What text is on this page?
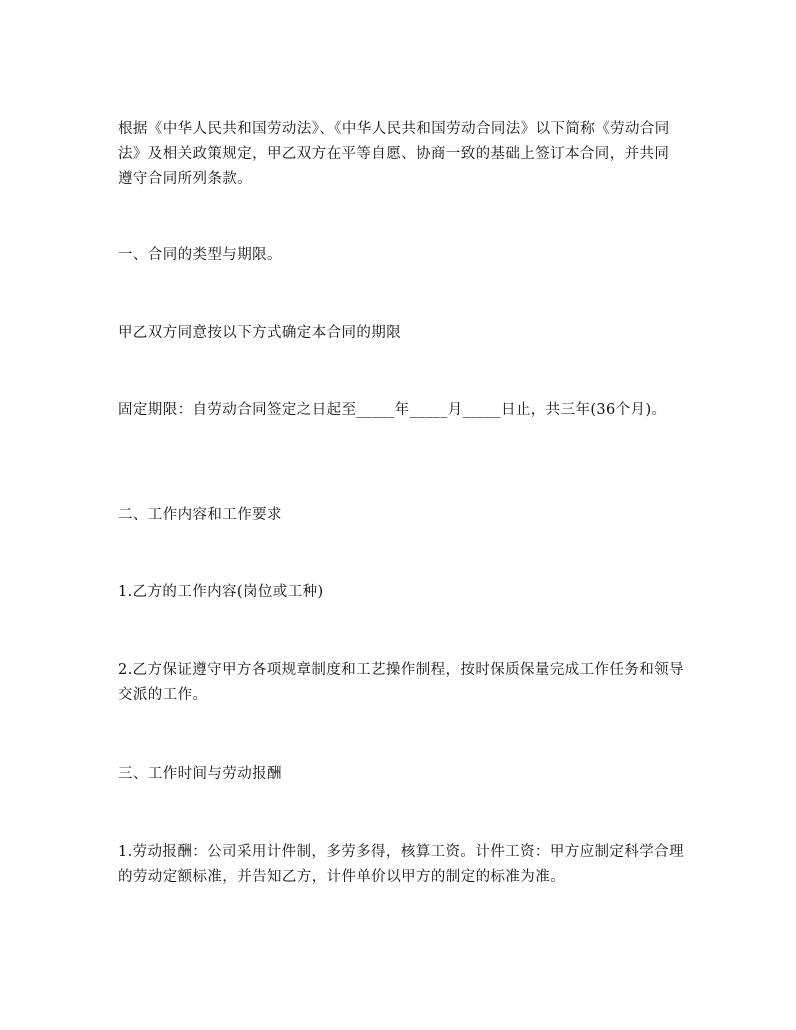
根据《中华人民共和国劳动法》、《中华人民共和国劳动合同法》以下简称《劳动合同法》及相关政策规定，甲乙双方在平等自愿、协商一致的基础上签订本合同，并共同遵守合同所列条款。

一、合同的类型与期限。

甲乙双方同意按以下方式确定本合同的期限

固定期限：自劳动合同签定之日起至_____年_____月_____日止，共三年(36个月)。

二、工作内容和工作要求

1.乙方的工作内容(岗位或工种)

2.乙方保证遵守甲方各项规章制度和工艺操作制程，按时保质保量完成工作任务和领导交派的工作。

三、工作时间与劳动报酬

1.劳动报酬：公司采用计件制，多劳多得，核算工资。计件工资：甲方应制定科学合理的劳动定额标准，并告知乙方，计件单价以甲方的制定的标准为准。
